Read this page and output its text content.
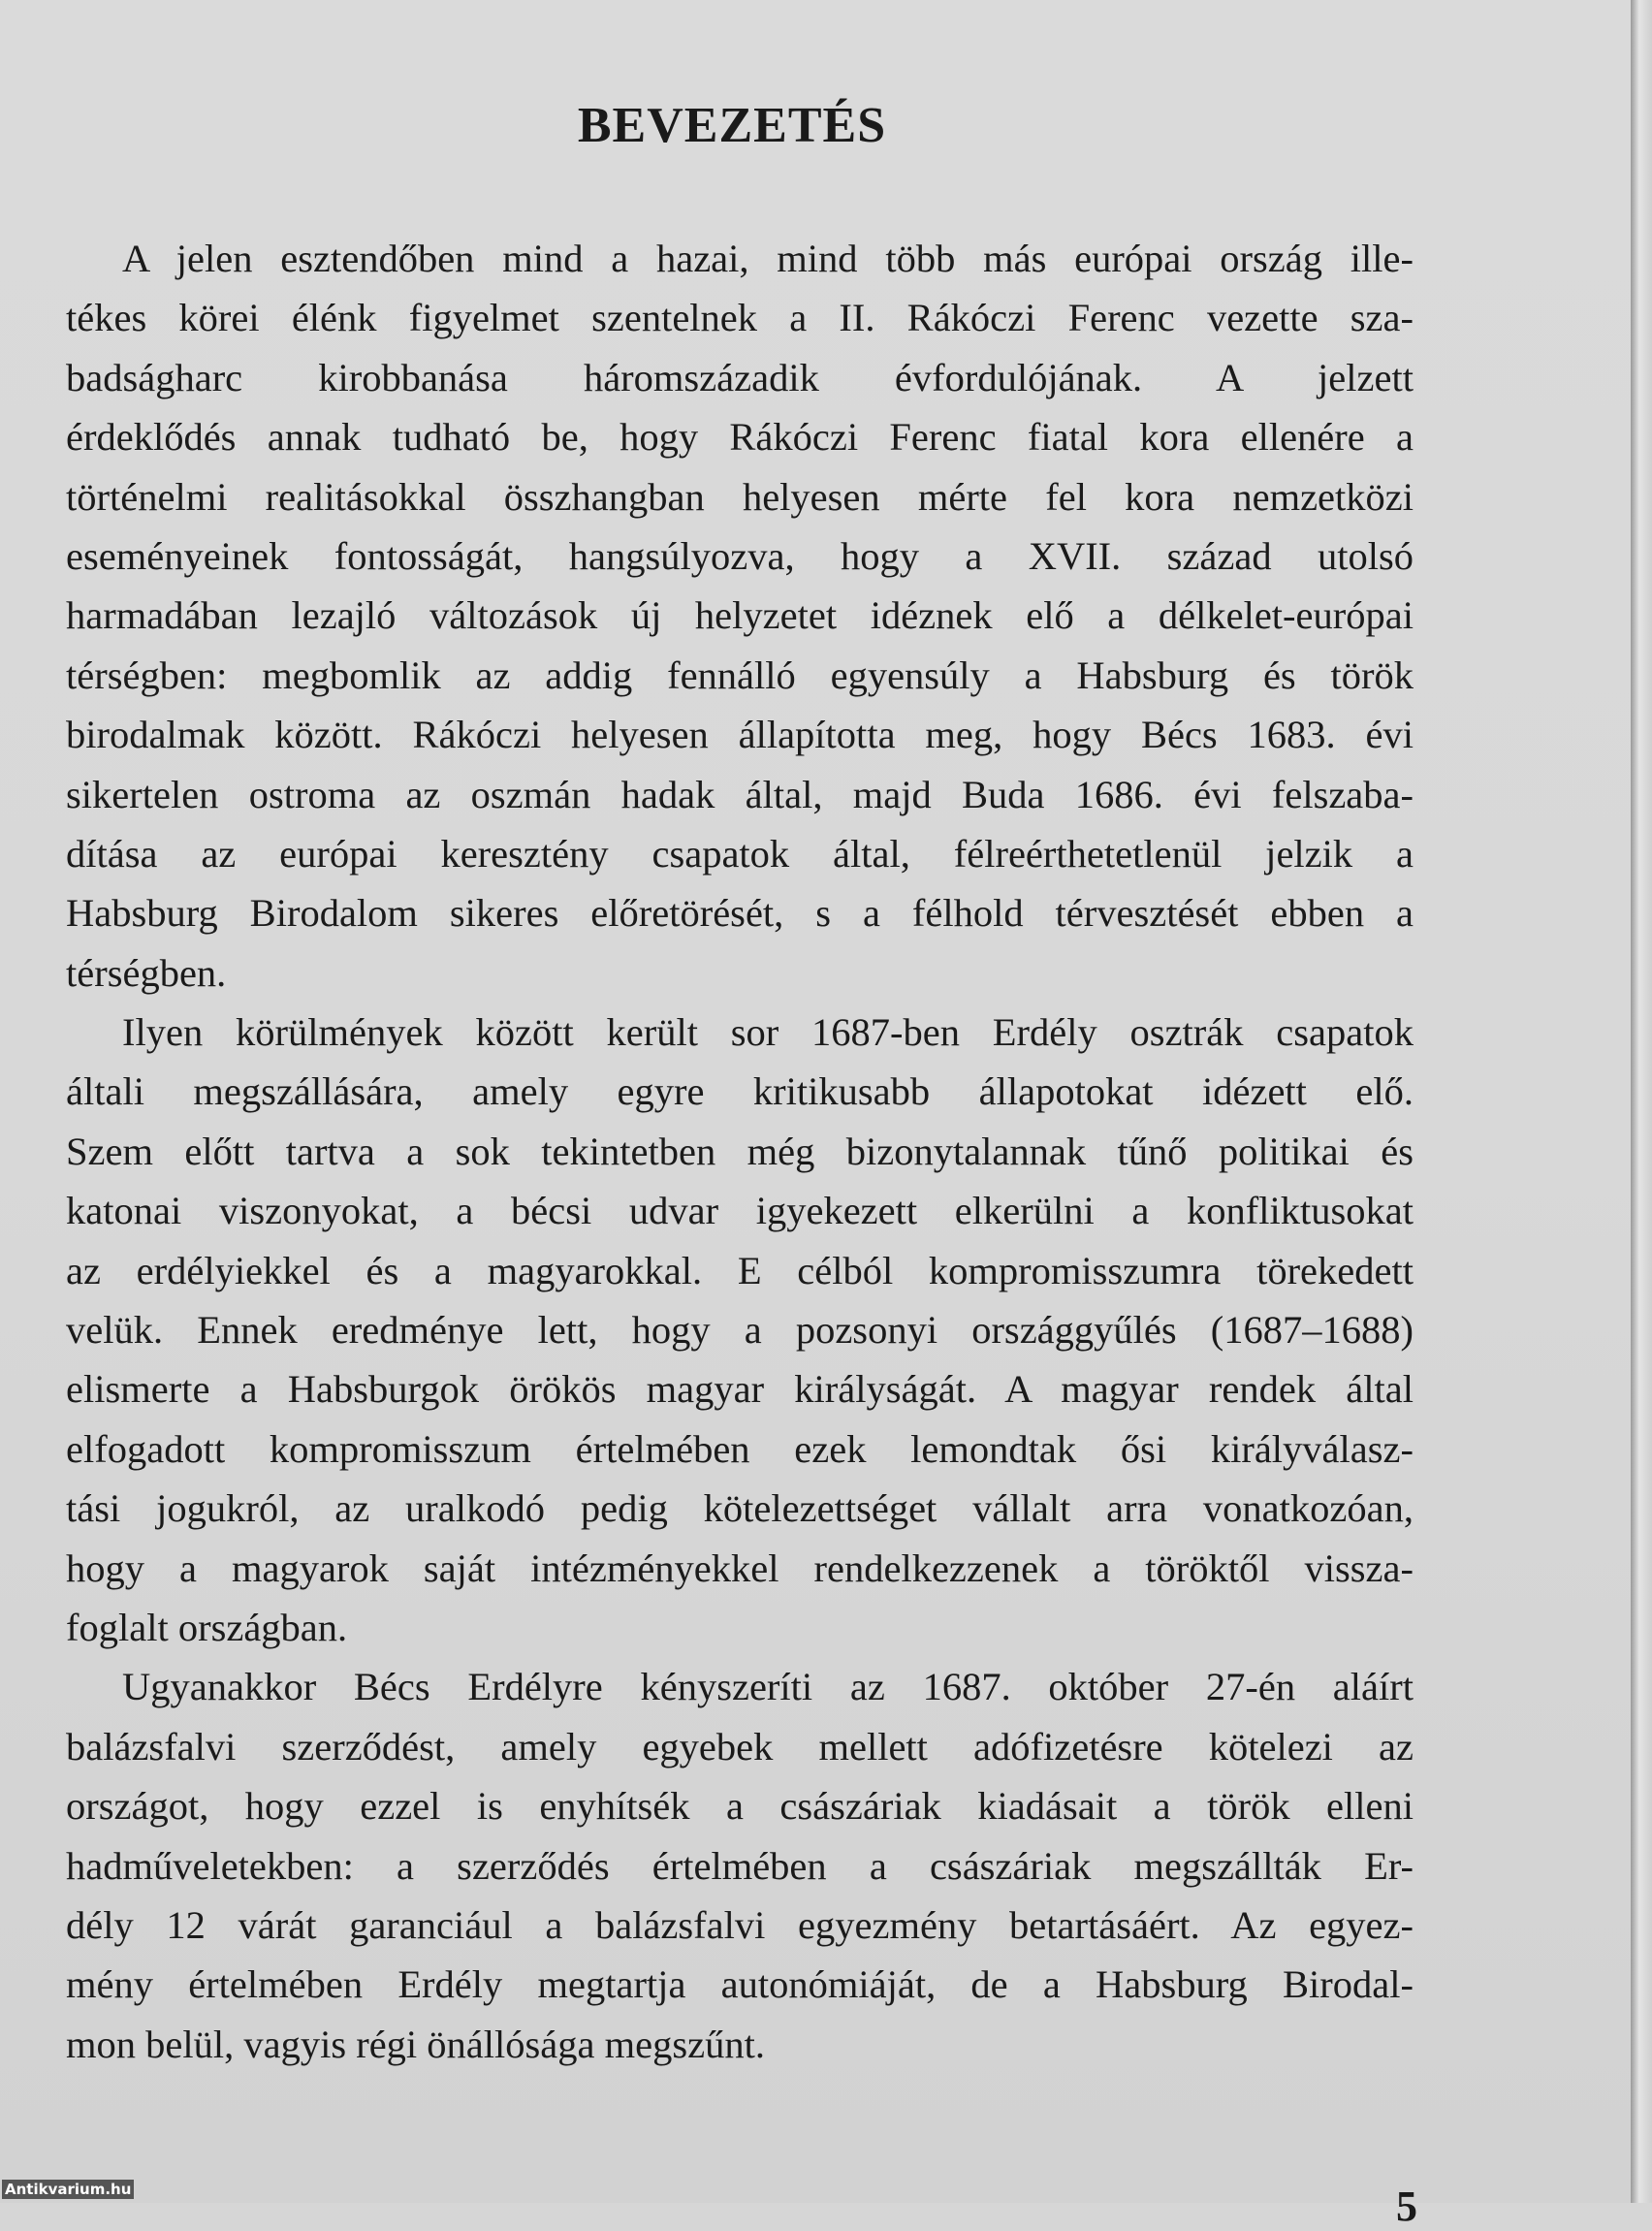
BEVEZETÉS
A jelen esztendőben mind a hazai, mind több más európai ország ille-
tékes körei élénk figyelmet szentelnek a II. Rákóczi Ferenc vezette sza-
badságharc kirobbanása háromszázadik évfordulójának. A jelzett
érdeklődés annak tudható be, hogy Rákóczi Ferenc fiatal kora ellenére a
történelmi realitásokkal összhangban helyesen mérte fel kora nemzetközi
eseményeinek fontosságát, hangsúlyozva, hogy a XVII. század utolsó
harmadában lezajló változások új helyzetet idéznek elő a délkelet-európai
térségben: megbomlik az addig fennálló egyensúly a Habsburg és török
birodalmak között. Rákóczi helyesen állapította meg, hogy Bécs 1683. évi
sikertelen ostroma az oszmán hadak által, majd Buda 1686. évi felszaba-
dítása az európai keresztény csapatok által, félreérthetetlenül jelzik a
Habsburg Birodalom sikeres előretörését, s a félhold térvesztését ebben a
térségben.
Ilyen körülmények között került sor 1687-ben Erdély osztrák csapatok
általi megszállására, amely egyre kritikusabb állapotokat idézett elő.
Szem előtt tartva a sok tekintetben még bizonytalannak tűnő politikai és
katonai viszonyokat, a bécsi udvar igyekezett elkerülni a konfliktusokat
az erdélyiekkel és a magyarokkal. E célból kompromisszumra törekedett
velük. Ennek eredménye lett, hogy a pozsonyi országgyűlés (1687–1688)
elismerte a Habsburgok örökös magyar királyságát. A magyar rendek által
elfogadott kompromisszum értelmében ezek lemondtak ősi királyválasz-
tási jogukról, az uralkodó pedig kötelezettséget vállalt arra vonatkozóan,
hogy a magyarok saját intézményekkel rendelkezzenek a töröktől vissza-
foglalt országban.
Ugyanakkor Bécs Erdélyre kényszeríti az 1687. október 27-én aláírt
balázsfalvi szerződést, amely egyebek mellett adófizetésre kötelezi az
országot, hogy ezzel is enyhítsék a császáriak kiadásait a török elleni
hadműveletekben: a szerződés értelmében a császáriak megszállták Er-
dély 12 várát garanciául a balázsfalvi egyezmény betartásáért. Az egyez-
mény értelmében Erdély megtartja autonómiáját, de a Habsburg Birodal-
mon belül, vagyis régi önállósága megszűnt.
5
Antikvarium.hu
